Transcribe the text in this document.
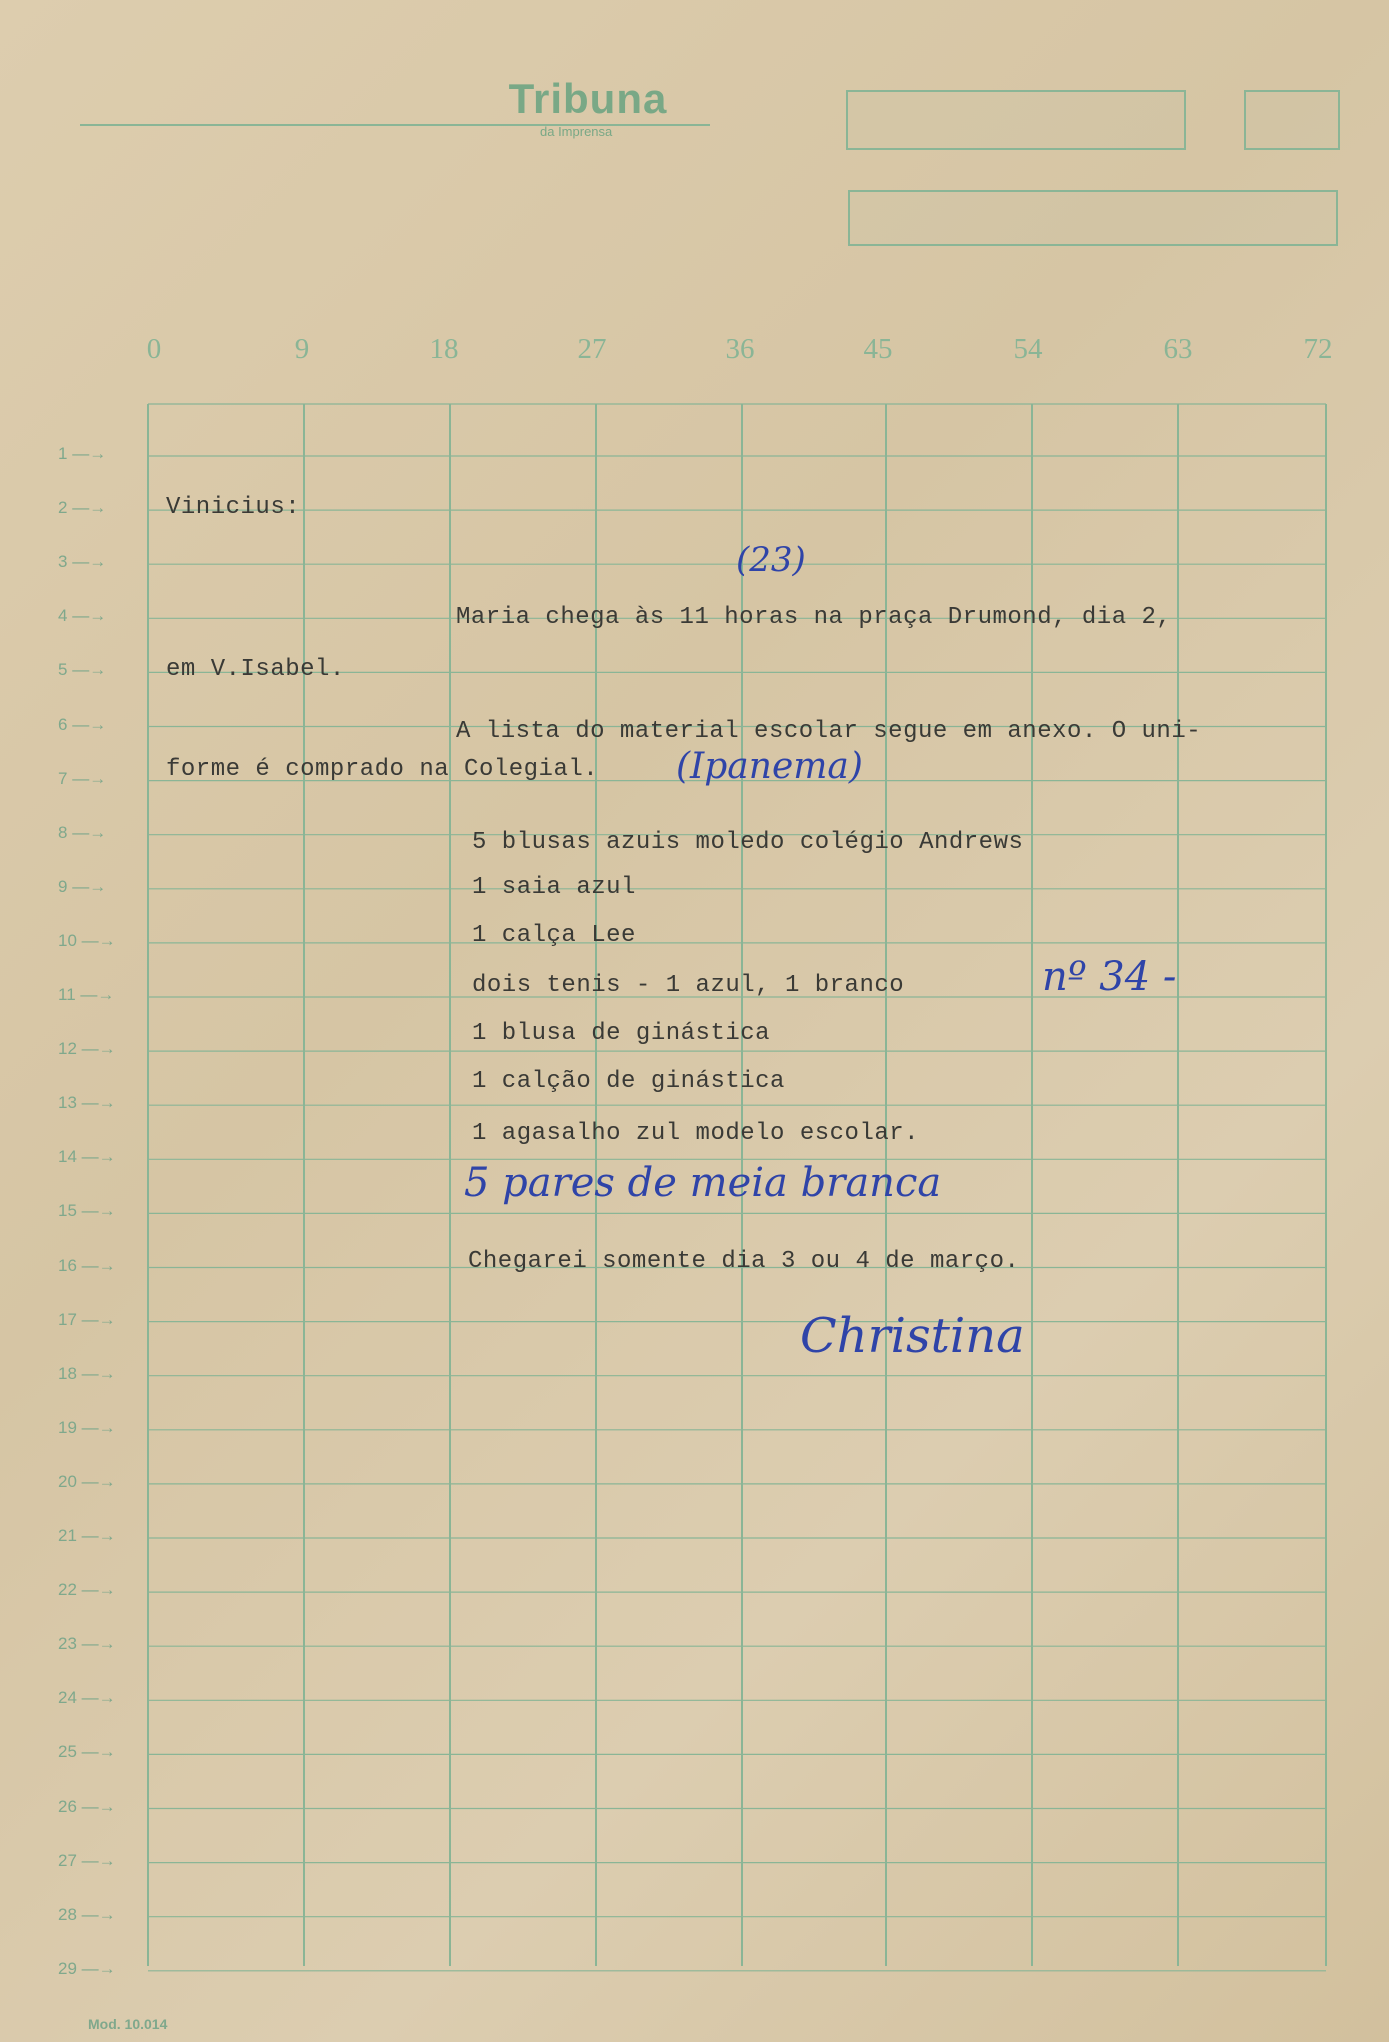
Tribuna
da Imprensa
0	9	18	27	36	45	54	63	72
1 —→
2 —→
3 —→
4 —→
5 —→
6 —→
7 —→
8 —→
9 —→
10 —→
11 —→
12 —→
13 —→
14 —→
15 —→
16 —→
17 —→
18 —→
19 —→
20 —→
21 —→
22 —→
23 —→
24 —→
25 —→
26 —→
27 —→
28 —→
29 —→
Vinicius:
Maria chega às 11 horas na praça Drumond, dia 2,
em V.Isabel.
A lista do material escolar segue em anexo. O uni-
forme é comprado na Colegial.
5 blusas azuis moledo colégio Andrews
1 saia azul
1 calça Lee
dois tenis - 1 azul, 1 branco
1 blusa de ginástica
1 calção de ginástica
1 agasalho zul modelo escolar.
Chegarei somente dia 3 ou 4 de março.
(23)
(Ipanema)
nº 34 -
5 pares de meia branca
Christina
Mod. 10.014
